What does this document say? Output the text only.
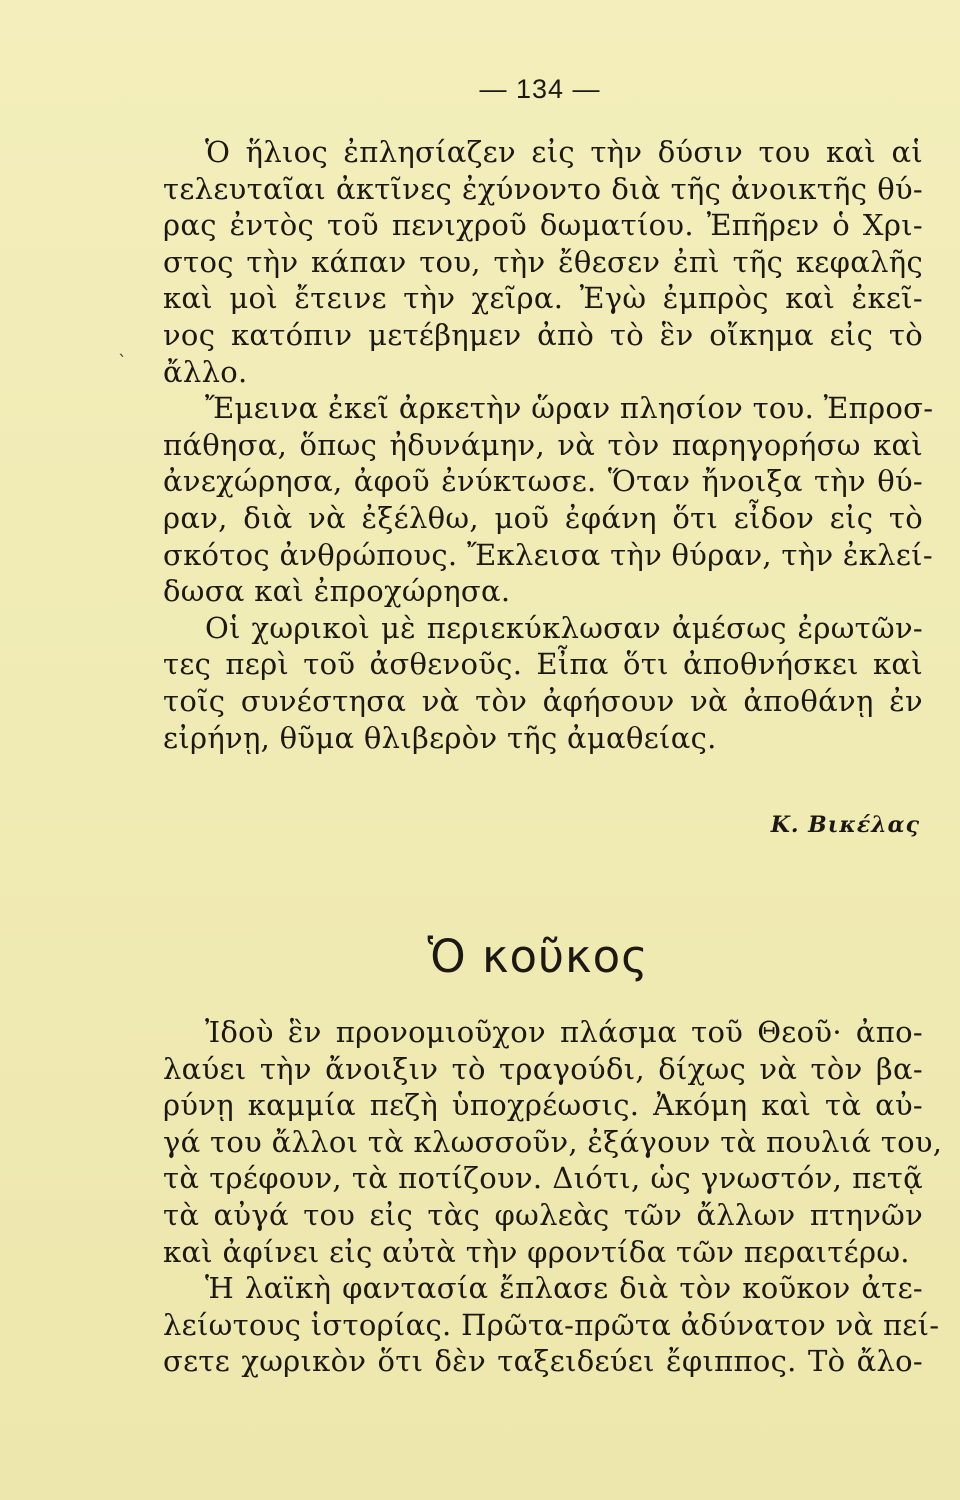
— 134 —
ˋ
Ὁ ἥλιος ἐπλησίαζεν εἰς τὴν δύσιν του καὶ αἱ
τελευταῖαι ἀκτῖνες ἐχύνοντο διὰ τῆς ἀνοικτῆς θύ-
ρας ἐντὸς τοῦ πενιχροῦ δωματίου. Ἐπῆρεν ὁ Χρι-
στος τὴν κάπαν του, τὴν ἔθεσεν ἐπὶ τῆς κεφαλῆς
καὶ μοὶ ἔτεινε τὴν χεῖρα. Ἐγὼ ἐμπρὸς καὶ ἐκεῖ-
νος κατόπιν μετέβημεν ἀπὸ τὸ ἓν οἴκημα εἰς τὸ
ἄλλο.
Ἔμεινα ἐκεῖ ἀρκετὴν ὥραν πλησίον του. Ἐπροσ-
πάθησα, ὅπως ἠδυνάμην, νὰ τὸν παρηγορήσω καὶ
ἀνεχώρησα, ἀφοῦ ἐνύκτωσε. Ὅταν ἤνοιξα τὴν θύ-
ραν, διὰ νὰ ἐξέλθω, μοῦ ἐφάνη ὅτι εἶδον εἰς τὸ
σκότος ἀνθρώπους. Ἔκλεισα τὴν θύραν, τὴν ἐκλεί-
δωσα καὶ ἐπροχώρησα.
Οἱ χωρικοὶ μὲ περιεκύκλωσαν ἀμέσως ἐρωτῶν-
τες περὶ τοῦ ἀσθενοῦς. Εἶπα ὅτι ἀποθνήσκει καὶ
τοῖς συνέστησα νὰ τὸν ἀφήσουν νὰ ἀποθάνῃ ἐν
εἰρήνῃ, θῦμα θλιβερὸν τῆς ἀμαθείας.
Κ. Βικέλας
Ὁ κοῦκος
Ἰδοὺ ἓν προνομιοῦχον πλάσμα τοῦ Θεοῦ· ἀπο-
λαύει τὴν ἄνοιξιν τὸ τραγούδι, δίχως νὰ τὸν βα-
ρύνῃ καμμία πεζὴ ὑποχρέωσις. Ἀκόμη καὶ τὰ αὐ-
γά του ἄλλοι τὰ κλωσσοῦν, ἐξάγουν τὰ πουλιά του,
τὰ τρέφουν, τὰ ποτίζουν. Διότι, ὡς γνωστόν, πετᾷ
τὰ αὐγά του εἰς τὰς φωλεὰς τῶν ἄλλων πτηνῶν
καὶ ἀφίνει εἰς αὐτὰ τὴν φροντίδα τῶν περαιτέρω.
Ἡ λαϊκὴ φαντασία ἔπλασε διὰ τὸν κοῦκον ἀτε-
λείωτους ἱστορίας. Πρῶτα-πρῶτα ἀδύνατον νὰ πεί-
σετε χωρικὸν ὅτι δὲν ταξειδεύει ἔφιππος. Τὸ ἄλο-
